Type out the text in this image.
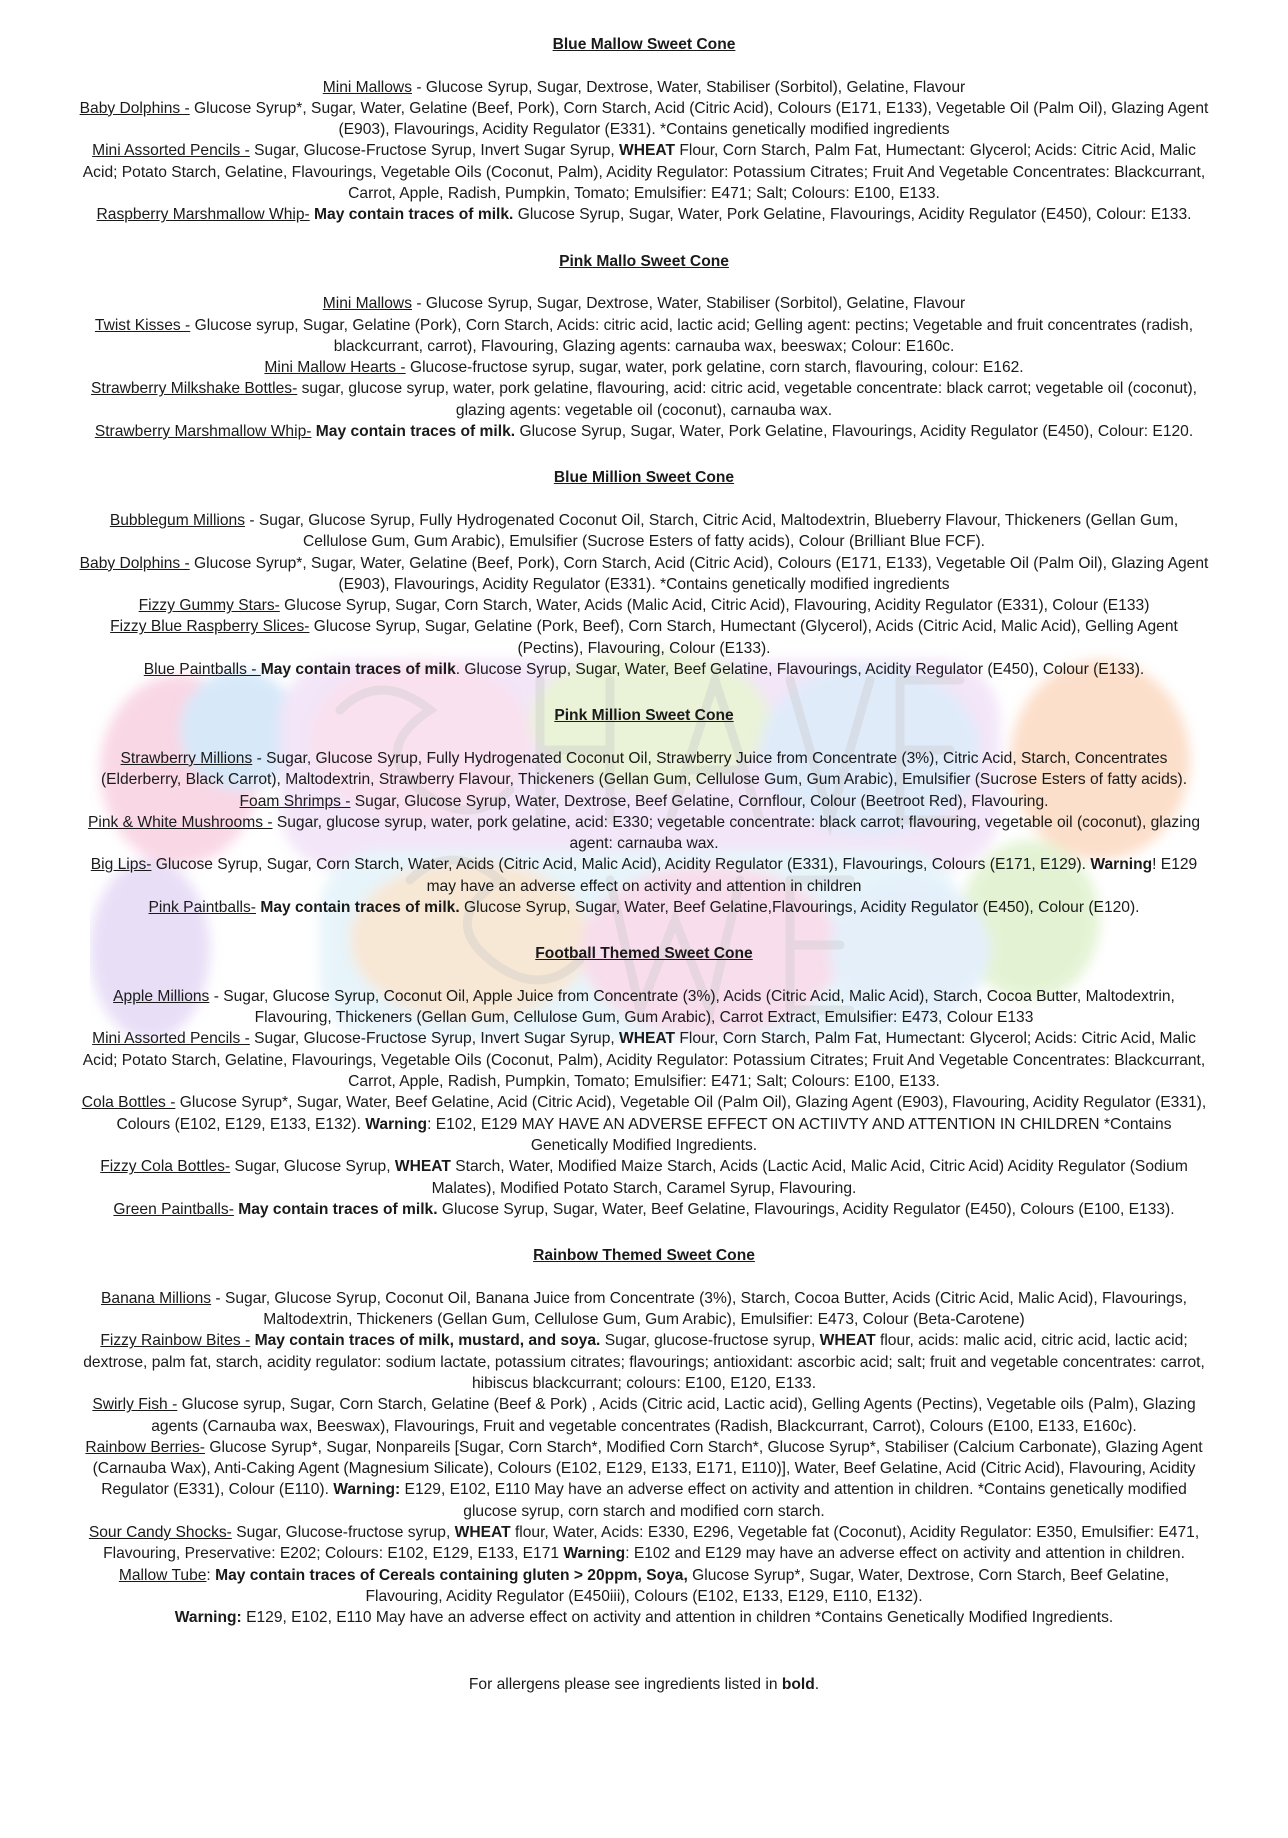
Blue Mallow Sweet Cone

Mini Mallows - Glucose Syrup, Sugar, Dextrose, Water, Stabiliser (Sorbitol), Gelatine, Flavour

Baby Dolphins - Glucose Syrup*, Sugar, Water, Gelatine (Beef, Pork), Corn Starch, Acid (Citric Acid), Colours (E171, E133), Vegetable Oil (Palm Oil), Glazing Agent (E903), Flavourings, Acidity Regulator (E331). *Contains genetically modified ingredients

Mini Assorted Pencils - Sugar, Glucose-Fructose Syrup, Invert Sugar Syrup, WHEAT Flour, Corn Starch, Palm Fat, Humectant: Glycerol; Acids: Citric Acid, Malic Acid; Potato Starch, Gelatine, Flavourings, Vegetable Oils (Coconut, Palm), Acidity Regulator: Potassium Citrates; Fruit And Vegetable Concentrates: Blackcurrant, Carrot, Apple, Radish, Pumpkin, Tomato; Emulsifier: E471; Salt; Colours: E100, E133.

Raspberry Marshmallow Whip- May contain traces of milk. Glucose Syrup, Sugar, Water, Pork Gelatine, Flavourings, Acidity Regulator (E450), Colour: E133.

Pink Mallo Sweet Cone

Mini Mallows - Glucose Syrup, Sugar, Dextrose, Water, Stabiliser (Sorbitol), Gelatine, Flavour

Twist Kisses - Glucose syrup, Sugar, Gelatine (Pork), Corn Starch, Acids: citric acid, lactic acid; Gelling agent: pectins; Vegetable and fruit concentrates (radish, blackcurrant, carrot), Flavouring, Glazing agents: carnauba wax, beeswax; Colour: E160c.

Mini Mallow Hearts - Glucose-fructose syrup, sugar, water, pork gelatine, corn starch, flavouring, colour: E162.

Strawberry Milkshake Bottles- sugar, glucose syrup, water, pork gelatine, flavouring, acid: citric acid, vegetable concentrate: black carrot; vegetable oil (coconut), glazing agents: vegetable oil (coconut), carnauba wax.

Strawberry Marshmallow Whip- May contain traces of milk. Glucose Syrup, Sugar, Water, Pork Gelatine, Flavourings, Acidity Regulator (E450), Colour: E120.

Blue Million Sweet Cone

Bubblegum Millions - Sugar, Glucose Syrup, Fully Hydrogenated Coconut Oil, Starch, Citric Acid, Maltodextrin, Blueberry Flavour, Thickeners (Gellan Gum, Cellulose Gum, Gum Arabic), Emulsifier (Sucrose Esters of fatty acids), Colour (Brilliant Blue FCF).

Baby Dolphins - Glucose Syrup*, Sugar, Water, Gelatine (Beef, Pork), Corn Starch, Acid (Citric Acid), Colours (E171, E133), Vegetable Oil (Palm Oil), Glazing Agent (E903), Flavourings, Acidity Regulator (E331). *Contains genetically modified ingredients

Fizzy Gummy Stars- Glucose Syrup, Sugar, Corn Starch, Water, Acids (Malic Acid, Citric Acid), Flavouring, Acidity Regulator (E331), Colour (E133)

Fizzy Blue Raspberry Slices- Glucose Syrup, Sugar, Gelatine (Pork, Beef), Corn Starch, Humectant (Glycerol), Acids (Citric Acid, Malic Acid), Gelling Agent (Pectins), Flavouring, Colour (E133).

Blue Paintballs - May contain traces of milk. Glucose Syrup, Sugar, Water, Beef Gelatine, Flavourings, Acidity Regulator (E450), Colour (E133).

Pink Million Sweet Cone

Strawberry Millions - Sugar, Glucose Syrup, Fully Hydrogenated Coconut Oil, Strawberry Juice from Concentrate (3%), Citric Acid, Starch, Concentrates (Elderberry, Black Carrot), Maltodextrin, Strawberry Flavour, Thickeners (Gellan Gum, Cellulose Gum, Gum Arabic), Emulsifier (Sucrose Esters of fatty acids).

Foam Shrimps - Sugar, Glucose Syrup, Water, Dextrose, Beef Gelatine, Cornflour, Colour (Beetroot Red), Flavouring.

Pink & White Mushrooms - Sugar, glucose syrup, water, pork gelatine, acid: E330; vegetable concentrate: black carrot; flavouring, vegetable oil (coconut), glazing agent: carnauba wax.

Big Lips- Glucose Syrup, Sugar, Corn Starch, Water, Acids (Citric Acid, Malic Acid), Acidity Regulator (E331), Flavourings, Colours (E171, E129). Warning! E129 may have an adverse effect on activity and attention in children

Pink Paintballs- May contain traces of milk. Glucose Syrup, Sugar, Water, Beef Gelatine,Flavourings, Acidity Regulator (E450), Colour (E120).

Football Themed Sweet Cone

Apple Millions - Sugar, Glucose Syrup, Coconut Oil, Apple Juice from Concentrate (3%), Acids (Citric Acid, Malic Acid), Starch, Cocoa Butter, Maltodextrin, Flavouring, Thickeners (Gellan Gum, Cellulose Gum, Gum Arabic), Carrot Extract, Emulsifier: E473, Colour E133

Mini Assorted Pencils - Sugar, Glucose-Fructose Syrup, Invert Sugar Syrup, WHEAT Flour, Corn Starch, Palm Fat, Humectant: Glycerol; Acids: Citric Acid, Malic Acid; Potato Starch, Gelatine, Flavourings, Vegetable Oils (Coconut, Palm), Acidity Regulator: Potassium Citrates; Fruit And Vegetable Concentrates: Blackcurrant, Carrot, Apple, Radish, Pumpkin, Tomato; Emulsifier: E471; Salt; Colours: E100, E133.

Cola Bottles - Glucose Syrup*, Sugar, Water, Beef Gelatine, Acid (Citric Acid), Vegetable Oil (Palm Oil), Glazing Agent (E903), Flavouring, Acidity Regulator (E331), Colours (E102, E129, E133, E132). Warning: E102, E129 MAY HAVE AN ADVERSE EFFECT ON ACTIIVTY AND ATTENTION IN CHILDREN *Contains Genetically Modified Ingredients.

Fizzy Cola Bottles- Sugar, Glucose Syrup, WHEAT Starch, Water, Modified Maize Starch, Acids (Lactic Acid, Malic Acid, Citric Acid) Acidity Regulator (Sodium Malates), Modified Potato Starch, Caramel Syrup, Flavouring.

Green Paintballs- May contain traces of milk. Glucose Syrup, Sugar, Water, Beef Gelatine, Flavourings, Acidity Regulator (E450), Colours (E100, E133).

Rainbow Themed Sweet Cone

Banana Millions - Sugar, Glucose Syrup, Coconut Oil, Banana Juice from Concentrate (3%), Starch, Cocoa Butter, Acids (Citric Acid, Malic Acid), Flavourings, Maltodextrin, Thickeners (Gellan Gum, Cellulose Gum, Gum Arabic), Emulsifier: E473, Colour (Beta-Carotene)

Fizzy Rainbow Bites - May contain traces of milk, mustard, and soya. Sugar, glucose-fructose syrup, WHEAT flour, acids: malic acid, citric acid, lactic acid; dextrose, palm fat, starch, acidity regulator: sodium lactate, potassium citrates; flavourings; antioxidant: ascorbic acid; salt; fruit and vegetable concentrates: carrot, hibiscus blackcurrant; colours: E100, E120, E133.

Swirly Fish - Glucose syrup, Sugar, Corn Starch, Gelatine (Beef & Pork) , Acids (Citric acid, Lactic acid), Gelling Agents (Pectins), Vegetable oils (Palm), Glazing agents (Carnauba wax, Beeswax), Flavourings, Fruit and vegetable concentrates (Radish, Blackcurrant, Carrot), Colours (E100, E133, E160c).

Rainbow Berries- Glucose Syrup*, Sugar, Nonpareils [Sugar, Corn Starch*, Modified Corn Starch*, Glucose Syrup*, Stabiliser (Calcium Carbonate), Glazing Agent (Carnauba Wax), Anti-Caking Agent (Magnesium Silicate), Colours (E102, E129, E133, E171, E110)], Water, Beef Gelatine, Acid (Citric Acid), Flavouring, Acidity Regulator (E331), Colour (E110). Warning: E129, E102, E110 May have an adverse effect on activity and attention in children. *Contains genetically modified glucose syrup, corn starch and modified corn starch.

Sour Candy Shocks- Sugar, Glucose-fructose syrup, WHEAT flour, Water, Acids: E330, E296, Vegetable fat (Coconut), Acidity Regulator: E350, Emulsifier: E471, Flavouring, Preservative: E202; Colours: E102, E129, E133, E171 Warning: E102 and E129 may have an adverse effect on activity and attention in children.

Mallow Tube: May contain traces of Cereals containing gluten > 20ppm, Soya, Glucose Syrup*, Sugar, Water, Dextrose, Corn Starch, Beef Gelatine, Flavouring, Acidity Regulator (E450iii), Colours (E102, E133, E129, E110, E132).

Warning: E129, E102, E110 May have an adverse effect on activity and attention in children *Contains Genetically Modified Ingredients.

For allergens please see ingredients listed in bold.
